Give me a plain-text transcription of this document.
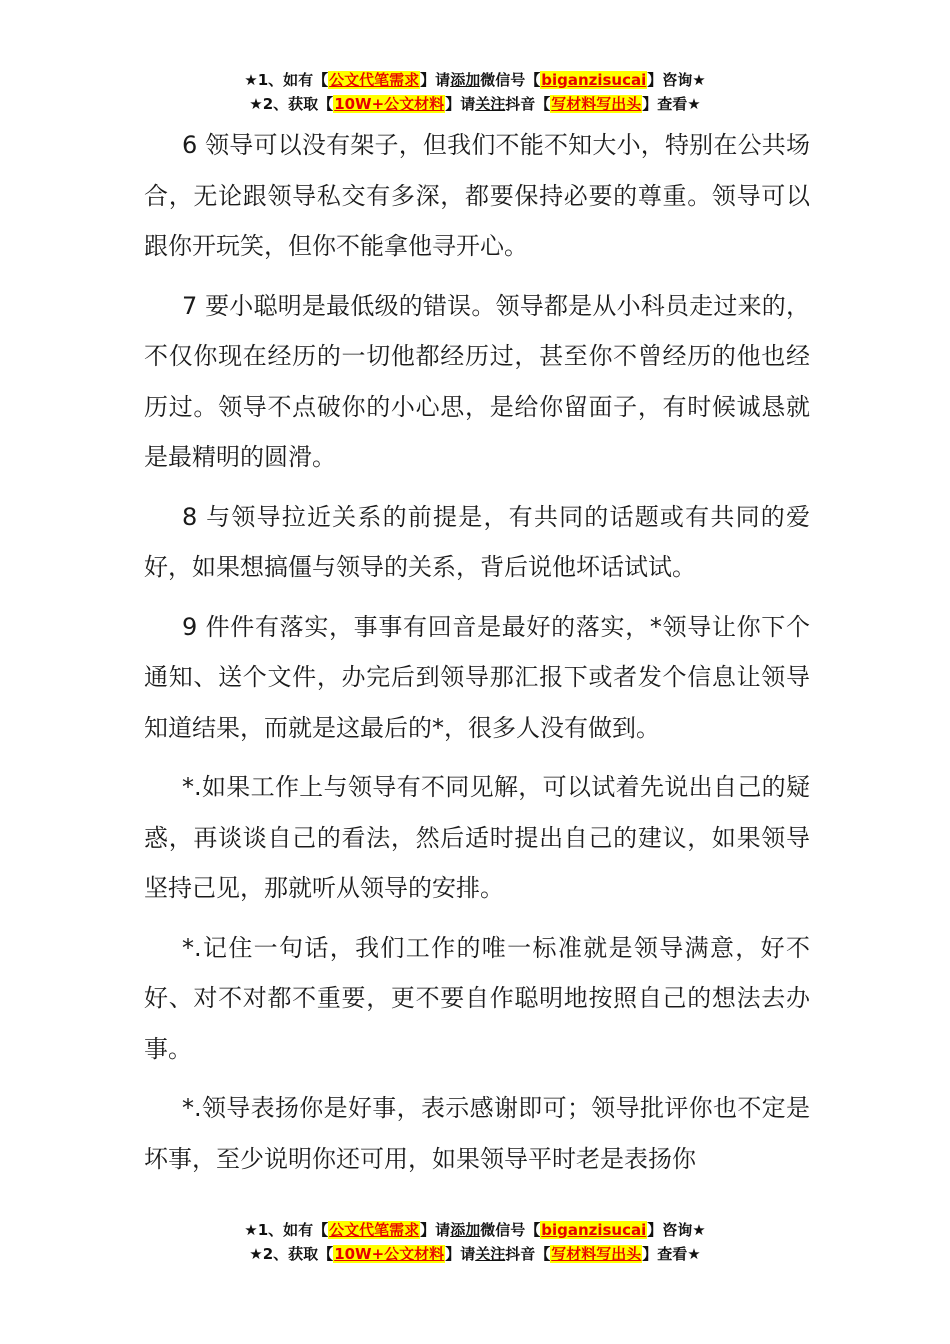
★1、如有【公文代笔需求】请添加微信号【biganzisucai】咨询★
★2、获取【10W+公文材料】请关注抖音【写材料写出头】查看★

6 领导可以没有架子，但我们不能不知大小，特别在公共场合，无论跟领导私交有多深，都要保持必要的尊重。领导可以跟你开玩笑，但你不能拿他寻开心。

7 要小聪明是最低级的错误。领导都是从小科员走过来的，不仅你现在经历的一切他都经历过，甚至你不曾经历的他也经历过。领导不点破你的小心思，是给你留面子，有时候诚恳就是最精明的圆滑。

8 与领导拉近关系的前提是，有共同的话题或有共同的爱好，如果想搞僵与领导的关系，背后说他坏话试试。

9 件件有落实，事事有回音是最好的落实，*领导让你下个通知、送个文件，办完后到领导那汇报下或者发个信息让领导知道结果，而就是这最后的*，很多人没有做到。

*.如果工作上与领导有不同见解，可以试着先说出自己的疑惑，再谈谈自己的看法，然后适时提出自己的建议，如果领导坚持己见，那就听从领导的安排。

*.记住一句话，我们工作的唯一标准就是领导满意，好不好、对不对都不重要，更不要自作聪明地按照自己的想法去办事。

*.领导表扬你是好事，表示感谢即可；领导批评你也不定是坏事，至少说明你还可用，如果领导平时老是表扬你

★1、如有【公文代笔需求】请添加微信号【biganzisucai】咨询★
★2、获取【10W+公文材料】请关注抖音【写材料写出头】查看★
